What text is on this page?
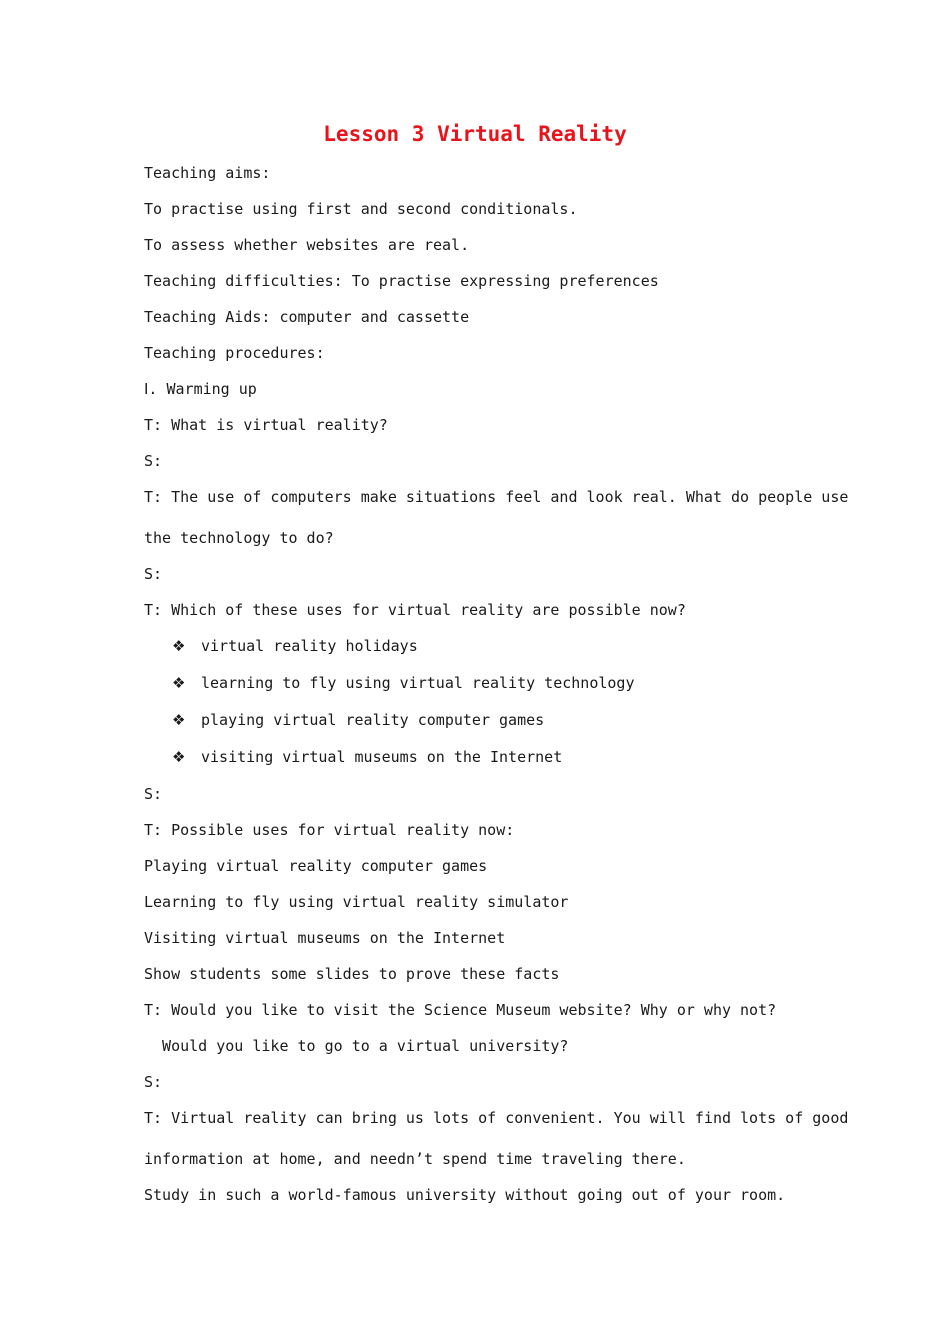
Lesson 3 Virtual Reality
Teaching aims:
To practise using first and second conditionals.
To assess whether websites are real.
Teaching difficulties: To practise expressing preferences
Teaching Aids: computer and cassette
Teaching procedures:
Ⅰ. Warming up
T: What is virtual reality?
S:
T: The use of computers make situations feel and look real. What do people use
the technology to do?
S:
T: Which of these uses for virtual reality are possible now?
❖ virtual reality holidays
❖ learning to fly using virtual reality technology
❖ playing virtual reality computer games
❖ visiting virtual museums on the Internet
S:
T: Possible uses for virtual reality now:
Playing virtual reality computer games
Learning to fly using virtual reality simulator
Visiting virtual museums on the Internet
Show students some slides to prove these facts
T: Would you like to visit the Science Museum website? Why or why not?
Would you like to go to a virtual university?
S:
T: Virtual reality can bring us lots of convenient. You will find lots of good
information at home, and needn’t spend time traveling there.
Study in such a world-famous university without going out of your room.
